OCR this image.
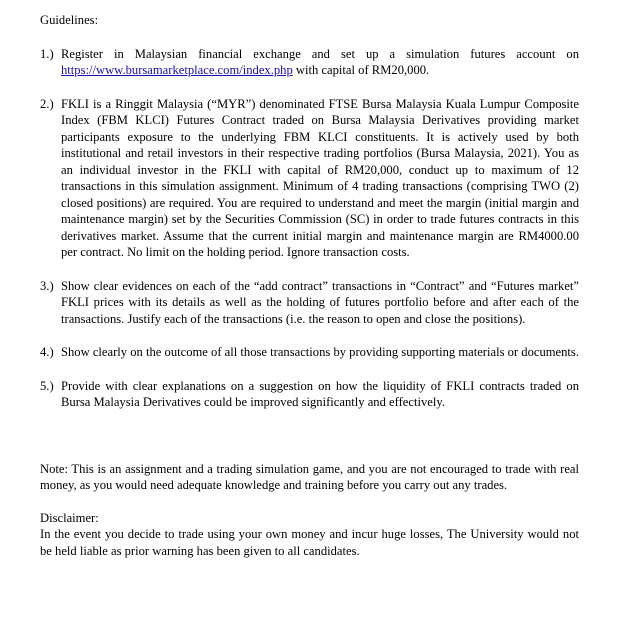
Guidelines:

1.) Register in Malaysian financial exchange and set up a simulation futures account on https://www.bursamarketplace.com/index.php with capital of RM20,000.
2.) FKLI is a Ringgit Malaysia (“MYR”) denominated FTSE Bursa Malaysia Kuala Lumpur Composite Index (FBM KLCI) Futures Contract traded on Bursa Malaysia Derivatives providing market participants exposure to the underlying FBM KLCI constituents. It is actively used by both institutional and retail investors in their respective trading portfolios (Bursa Malaysia, 2021). You as an individual investor in the FKLI with capital of RM20,000, conduct up to maximum of 12 transactions in this simulation assignment. Minimum of 4 trading transactions (comprising TWO (2) closed positions) are required. You are required to understand and meet the margin (initial margin and maintenance margin) set by the Securities Commission (SC) in order to trade futures contracts in this derivatives market. Assume that the current initial margin and maintenance margin are RM4000.00 per contract. No limit on the holding period. Ignore transaction costs.
3.) Show clear evidences on each of the “add contract” transactions in “Contract” and “Futures market” FKLI prices with its details as well as the holding of futures portfolio before and after each of the transactions. Justify each of the transactions (i.e. the reason to open and close the positions).
4.) Show clearly on the outcome of all those transactions by providing supporting materials or documents.
5.) Provide with clear explanations on a suggestion on how the liquidity of FKLI contracts traded on Bursa Malaysia Derivatives could be improved significantly and effectively.

Note: This is an assignment and a trading simulation game, and you are not encouraged to trade with real money, as you would need adequate knowledge and training before you carry out any trades.

Disclaimer:

In the event you decide to trade using your own money and incur huge losses, The University would not be held liable as prior warning has been given to all candidates.
